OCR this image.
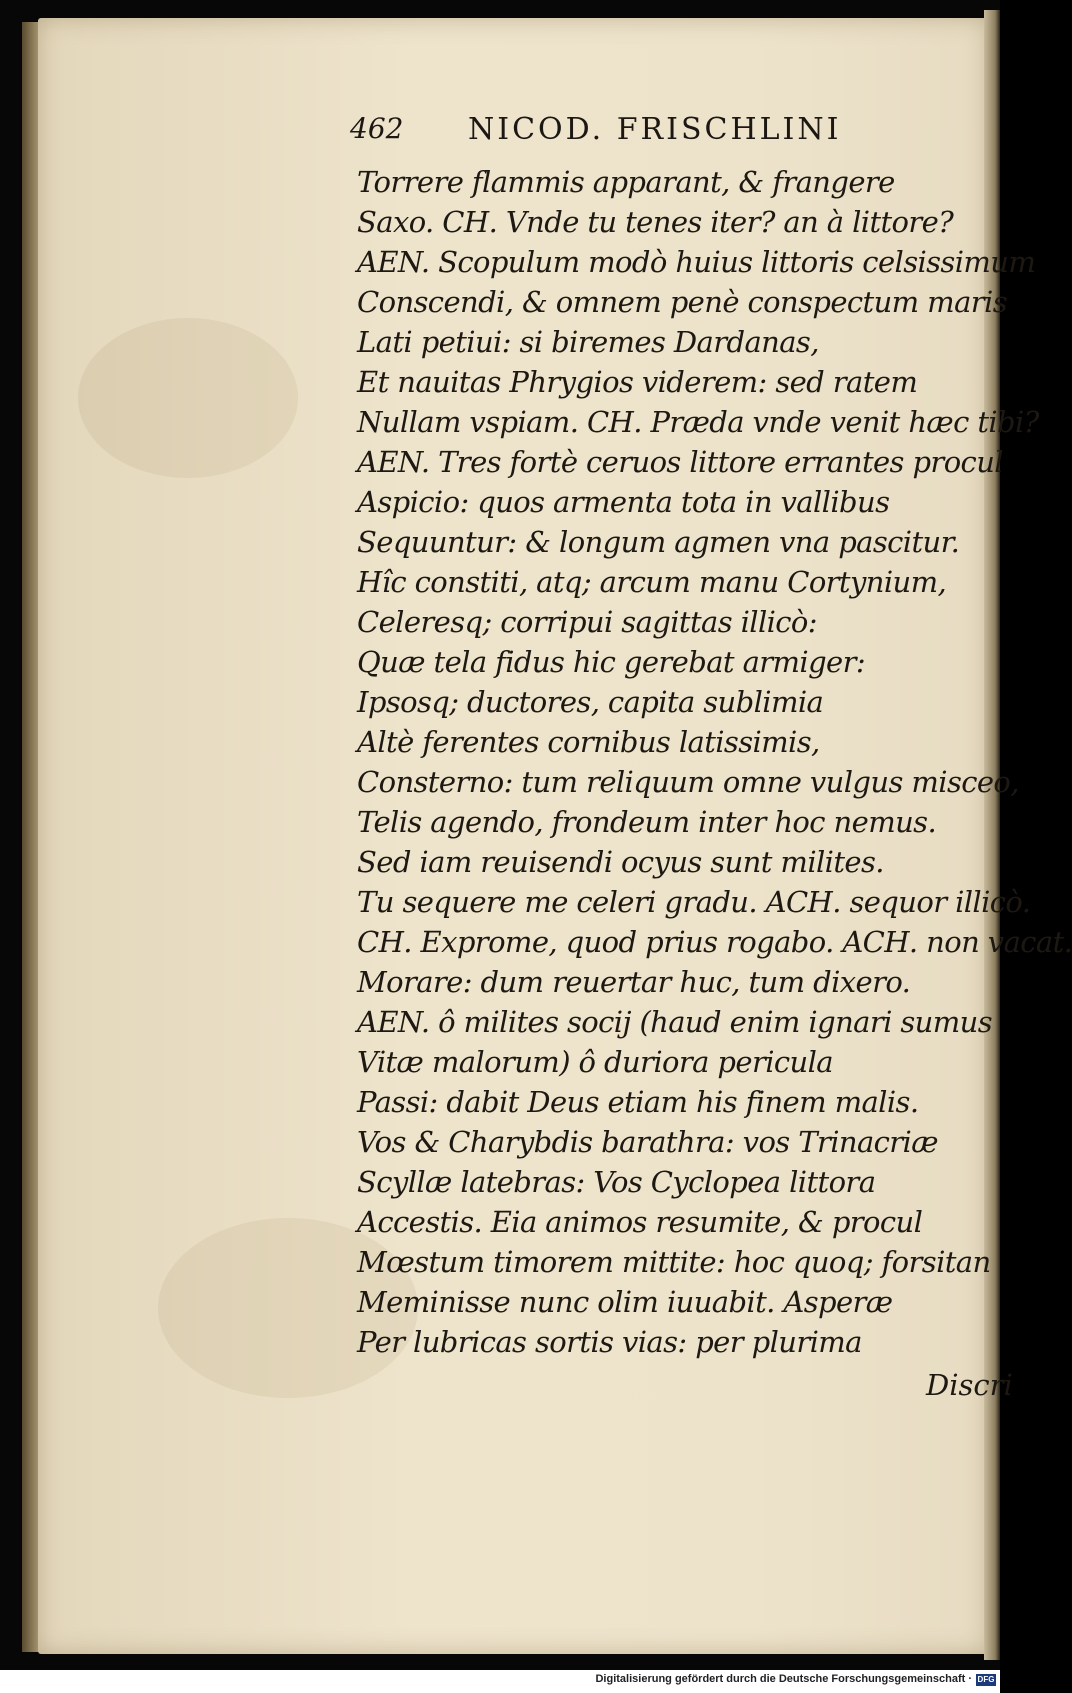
462 NICOD. FRISCHLINI
Torrere flammis apparant, & frangere
Saxo. CH. Vnde tu tenes iter? an à littore?
AEN. Scopulum modò huius littoris celsissimum
Conscendi, & omnem penè conspectum maris
Lati petiui: si biremes Dardanas,
Et nauitas Phrygios viderem: sed ratem
Nullam vspiam. CH. Præda vnde venit hæc tibi?
AEN. Tres fortè ceruos littore errantes procul
Aspicio: quos armenta tota in vallibus
Sequuntur: & longum agmen vna pascitur.
Hîc constiti, atq; arcum manu Cortynium,
Celeresq; corripui sagittas illicò:
Quæ tela fidus hic gerebat armiger:
Ipsosq; ductores, capita sublimia
Altè ferentes cornibus latissimis,
Consterno: tum reliquum omne vulgus misceo,
Telis agendo, frondeum inter hoc nemus.
Sed iam reuisendi ocyus sunt milites.
Tu sequere me celeri gradu. ACH. sequor illicò.
CH. Exprome, quod prius rogabo. ACH. non vacat.
Morare: dum reuertar huc, tum dixero.
AEN. ô milites socij (haud enim ignari sumus
Vitæ malorum) ô duriora pericula
Passi: dabit Deus etiam his finem malis.
Vos & Charybdis barathra: vos Trinacriæ
Scyllæ latebras: Vos Cyclopea littora
Accestis. Eia animos resumite, & procul
Mœstum timorem mittite: hoc quoq; forsitan
Meminisse nunc olim iuuabit. Asperæ
Per lubricas sortis vias: per plurima
Discri
Digitalisierung gefördert durch die Deutsche Forschungsgemeinschaft · DFG
